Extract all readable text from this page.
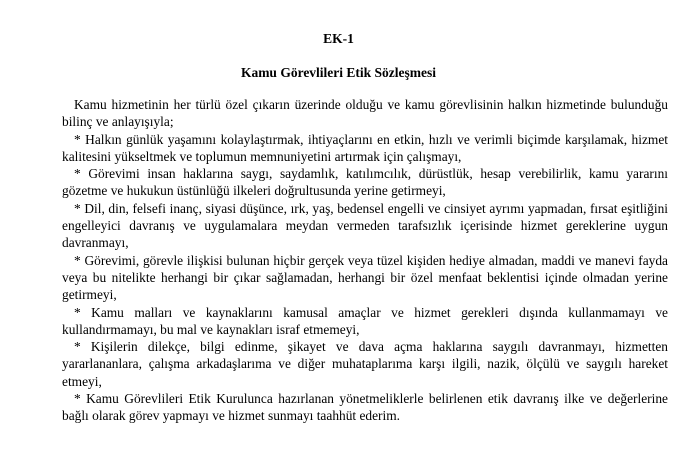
EK-1
Kamu Görevlileri Etik Sözleşmesi

Kamu hizmetinin her türlü özel çıkarın üzerinde olduğu ve kamu görevlisinin halkın hizmetinde bulunduğu bilinç ve anlayışıyla;

* Halkın günlük yaşamını kolaylaştırmak, ihtiyaçlarını en etkin, hızlı ve verimli biçimde karşılamak, hizmet kalitesini yükseltmek ve toplumun memnuniyetini artırmak için çalışmayı,

* Görevimi insan haklarına saygı, saydamlık, katılımcılık, dürüstlük, hesap verebilirlik, kamu yararını gözetme ve hukukun üstünlüğü ilkeleri doğrultusunda yerine getirmeyi,

* Dil, din, felsefi inanç, siyasi düşünce, ırk, yaş, bedensel engelli ve cinsiyet ayrımı yapmadan, fırsat eşitliğini engelleyici davranış ve uygulamalara meydan vermeden tarafsızlık içerisinde hizmet gereklerine uygun davranmayı,

* Görevimi, görevle ilişkisi bulunan hiçbir gerçek veya tüzel kişiden hediye almadan, maddi ve manevi fayda veya bu nitelikte herhangi bir çıkar sağlamadan, herhangi bir özel menfaat beklentisi içinde olmadan yerine getirmeyi,

* Kamu malları ve kaynaklarını kamusal amaçlar ve hizmet gerekleri dışında kullanmamayı ve kullandırmamayı, bu mal ve kaynakları israf etmemeyi,

* Kişilerin dilekçe, bilgi edinme, şikayet ve dava açma haklarına saygılı davranmayı, hizmetten yararlananlara, çalışma arkadaşlarıma ve diğer muhataplarıma karşı ilgili, nazik, ölçülü ve saygılı hareket etmeyi,

* Kamu Görevlileri Etik Kurulunca hazırlanan yönetmeliklerle belirlenen etik davranış ilke ve değerlerine bağlı olarak görev yapmayı ve hizmet sunmayı taahhüt ederim.
